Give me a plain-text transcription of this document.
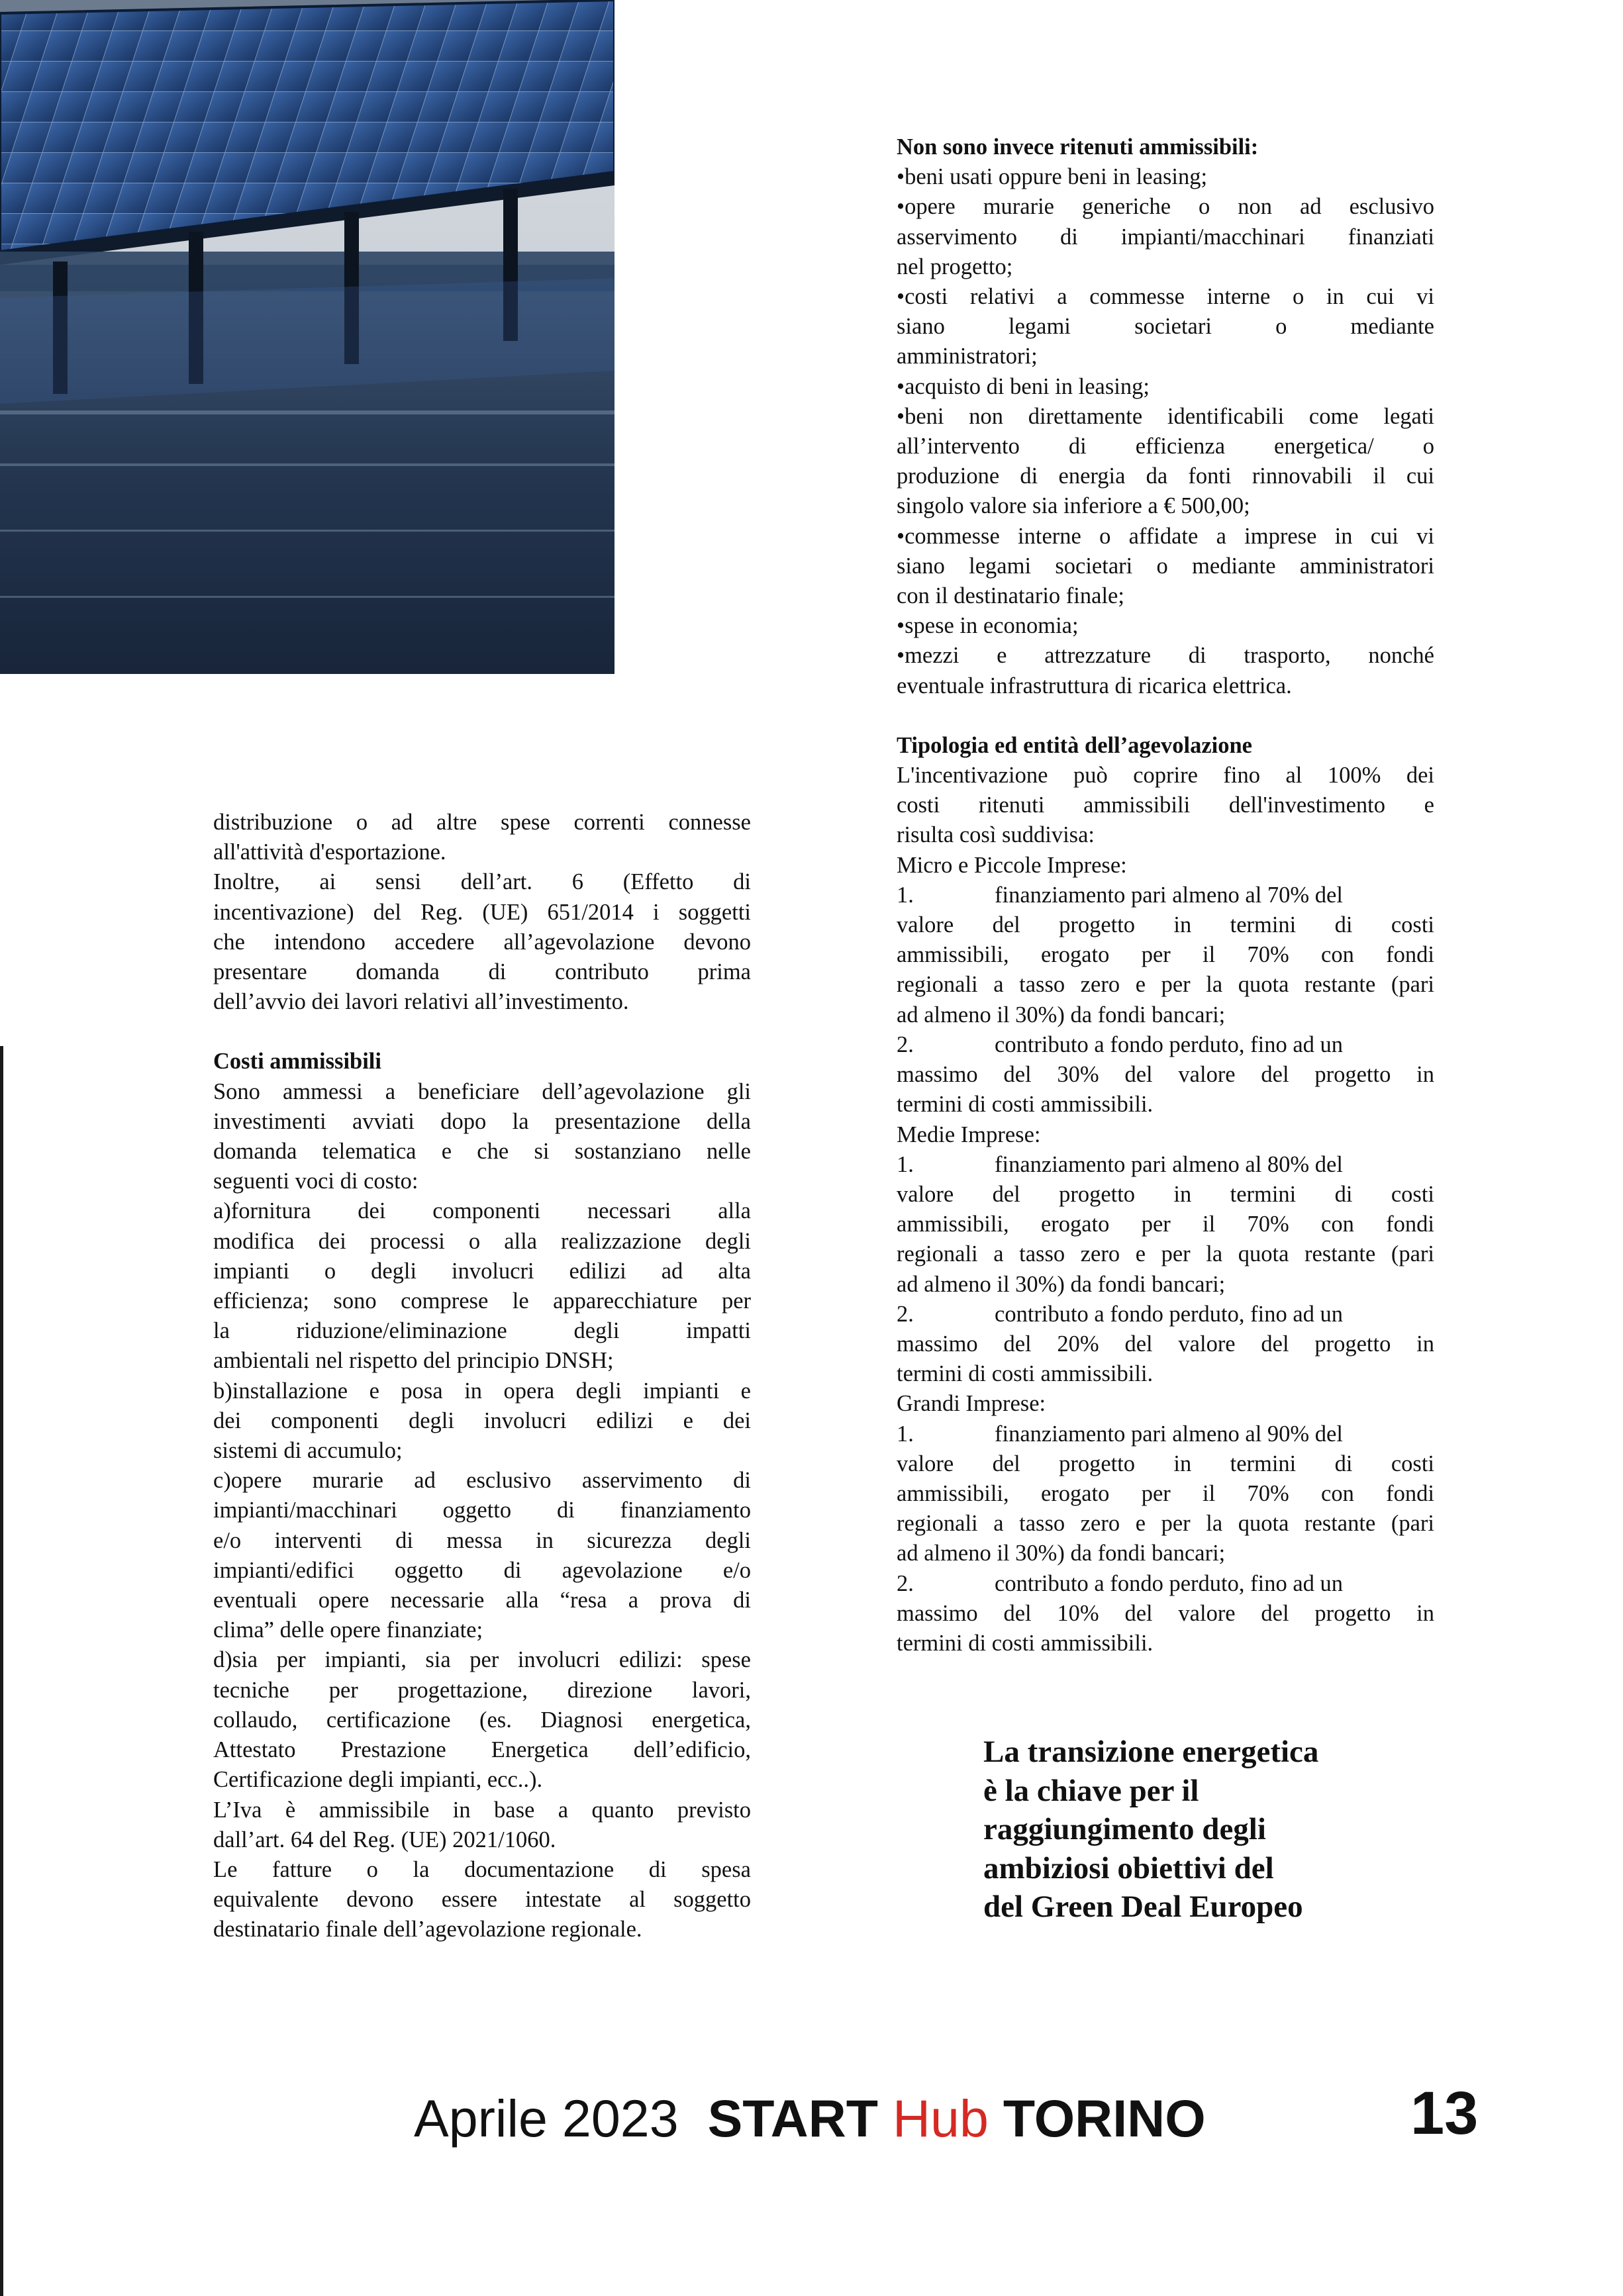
Non sono invece ritenuti ammissibili:

•beni usati oppure beni in leasing;

•opere murarie generiche o non ad esclusivo

asservimento di impianti/macchinari finanziati

nel progetto;

•costi relativi a commesse interne o in cui vi

siano legami societari o mediante

amministratori;

•acquisto di beni in leasing;

•beni non direttamente identificabili come legati

all’intervento di efficienza energetica/ o

produzione di energia da fonti rinnovabili il cui

singolo valore sia inferiore a € 500,00;

•commesse interne o affidate a imprese in cui vi

siano legami societari o mediante amministratori

con il destinatario finale;

•spese in economia;

•mezzi e attrezzature di trasporto, nonché

eventuale infrastruttura di ricarica elettrica.

Tipologia ed entità dell’agevolazione

L'incentivazione può coprire fino al 100% dei

costi ritenuti ammissibili dell'investimento e

risulta così suddivisa:

Micro e Piccole Imprese:

1.	finanziamento pari almeno al 70% del

valore del progetto in termini di costi

ammissibili, erogato per il 70% con fondi

regionali a tasso zero e per la quota restante (pari

ad almeno il 30%) da fondi bancari;

2.	contributo a fondo perduto, fino ad un

massimo del 30% del valore del progetto in

termini di costi ammissibili.

Medie Imprese:

1.	finanziamento pari almeno al 80% del

valore del progetto in termini di costi

ammissibili, erogato per il 70% con fondi

regionali a tasso zero e per la quota restante (pari

ad almeno il 30%) da fondi bancari;

2.	contributo a fondo perduto, fino ad un

massimo del 20% del valore del progetto in

termini di costi ammissibili.

Grandi Imprese:

1.	finanziamento pari almeno al 90% del

valore del progetto in termini di costi

ammissibili, erogato per il 70% con fondi

regionali a tasso zero e per la quota restante (pari

ad almeno il 30%) da fondi bancari;

2.	contributo a fondo perduto, fino ad un

massimo del 10% del valore del progetto in

termini di costi ammissibili.

distribuzione o ad altre spese correnti connesse

all'attività d'esportazione.

Inoltre, ai sensi dell’art. 6 (Effetto di

incentivazione) del Reg. (UE) 651/2014 i soggetti

che intendono accedere all’agevolazione devono

presentare domanda di contributo prima

dell’avvio dei lavori relativi all’investimento.

Costi ammissibili

Sono ammessi a beneficiare dell’agevolazione gli

investimenti avviati dopo la presentazione della

domanda telematica e che si sostanziano nelle

seguenti voci di costo:

a)fornitura dei componenti necessari alla

modifica dei processi o alla realizzazione degli

impianti o degli involucri edilizi ad alta

efficienza; sono comprese le apparecchiature per

la riduzione/eliminazione degli impatti

ambientali nel rispetto del principio DNSH;

b)installazione e posa in opera degli impianti e

dei componenti degli involucri edilizi e dei

sistemi di accumulo;

c)opere murarie ad esclusivo asservimento di

impianti/macchinari oggetto di finanziamento

e/o interventi di messa in sicurezza degli

impianti/edifici oggetto di agevolazione e/o

eventuali opere necessarie alla “resa a prova di

clima” delle opere finanziate;

d)sia per impianti, sia per involucri edilizi: spese

tecniche per progettazione, direzione lavori,

collaudo, certificazione (es. Diagnosi energetica,

Attestato Prestazione Energetica dell’edificio,

Certificazione degli impianti, ecc..).

L’Iva è ammissibile in base a quanto previsto

dall’art. 64 del Reg. (UE) 2021/1060.

Le fatture o la documentazione di spesa

equivalente devono essere intestate al soggetto

destinatario finale dell’agevolazione regionale.

La transizione energetica
è la chiave per il
raggiungimento degli
ambiziosi obiettivi del
del Green Deal Europeo
Aprile 2023 START Hub TORINO	13
